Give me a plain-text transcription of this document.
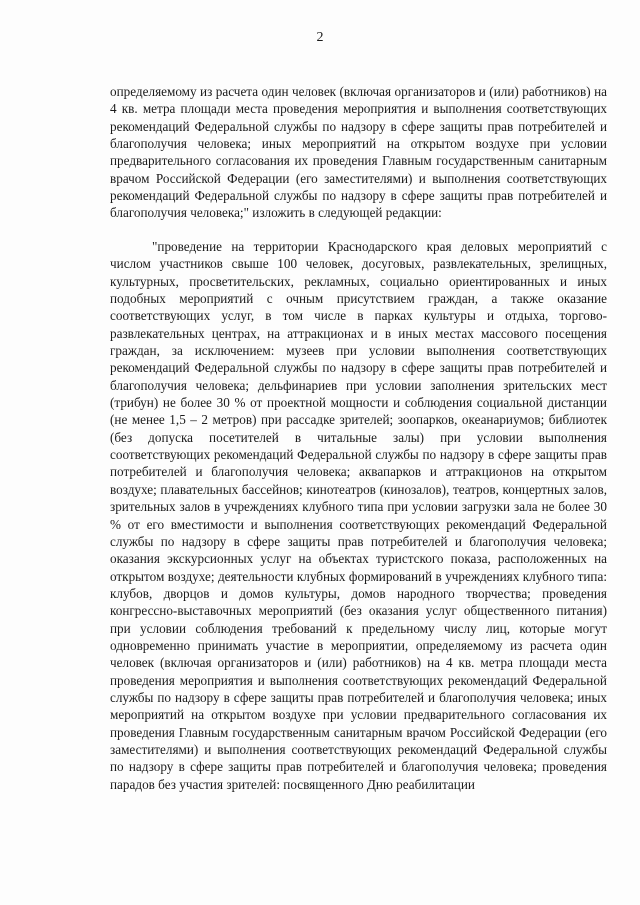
2

определяемому из расчета один человек (включая организаторов и (или) работников) на 4 кв. метра площади места проведения мероприятия и выполнения соответствующих рекомендаций Федеральной службы по надзору в сфере защиты прав потребителей и благополучия человека; иных мероприятий на открытом воздухе при условии предварительного согласования их проведения Главным государственным санитарным врачом Российской Федерации (его заместителями) и выполнения соответствующих рекомендаций Федеральной службы по надзору в сфере защиты прав потребителей и благополучия человека;" изложить в следующей редакции:

"проведение на территории Краснодарского края деловых мероприятий с числом участников свыше 100 человек, досуговых, развлекательных, зрелищных, культурных, просветительских, рекламных, социально ориентированных и иных подобных мероприятий с очным присутствием граждан, а также оказание соответствующих услуг, в том числе в парках культуры и отдыха, торгово-развлекательных центрах, на аттракционах и в иных местах массового посещения граждан, за исключением: музеев при условии выполнения соответствующих рекомендаций Федеральной службы по надзору в сфере защиты прав потребителей и благополучия человека; дельфинариев при условии заполнения зрительских мест (трибун) не более 30 % от проектной мощности и соблюдения социальной дистанции (не менее 1,5 – 2 метров) при рассадке зрителей; зоопарков, океанариумов; библиотек (без допуска посетителей в читальные залы) при условии выполнения соответствующих рекомендаций Федеральной службы по надзору в сфере защиты прав потребителей и благополучия человека; аквапарков и аттракционов на открытом воздухе; плавательных бассейнов; кинотеатров (кинозалов), театров, концертных залов, зрительных залов в учреждениях клубного типа при условии загрузки зала не более 30 % от его вместимости и выполнения соответствующих рекомендаций Федеральной службы по надзору в сфере защиты прав потребителей и благополучия человека; оказания экскурсионных услуг на объектах туристского показа, расположенных на открытом воздухе; деятельности клубных формирований в учреждениях клубного типа: клубов, дворцов и домов культуры, домов народного творчества; проведения конгрессно-выставочных мероприятий (без оказания услуг общественного питания) при условии соблюдения требований к предельному числу лиц, которые могут одновременно принимать участие в мероприятии, определяемому из расчета один человек (включая организаторов и (или) работников) на 4 кв. метра площади места проведения мероприятия и выполнения соответствующих рекомендаций Федеральной службы по надзору в сфере защиты прав потребителей и благополучия человека; иных мероприятий на открытом воздухе при условии предварительного согласования их проведения Главным государственным санитарным врачом Российской Федерации (его заместителями) и выполнения соответствующих рекомендаций Федеральной службы по надзору в сфере защиты прав потребителей и благополучия человека; проведения парадов без участия зрителей: посвященного Дню реабилитации
